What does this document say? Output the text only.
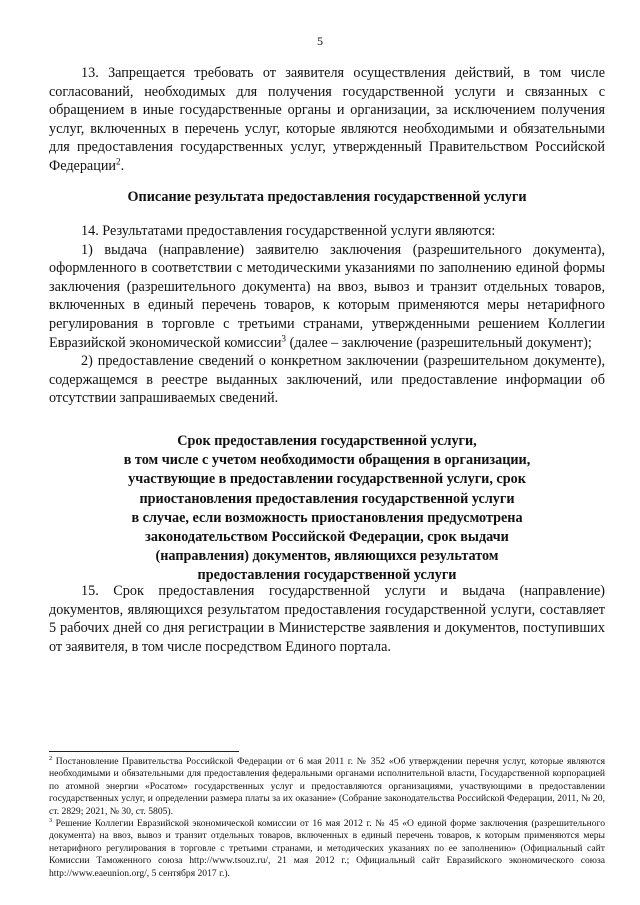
5

13. Запрещается требовать от заявителя осуществления действий, в том числе согласований, необходимых для получения государственной услуги и связанных с обращением в иные государственные органы и организации, за исключением получения услуг, включенных в перечень услуг, которые являются необходимыми и обязательными для предоставления государственных услуг, утвержденный Правительством Российской Федерации$^2$.

Описание результата предоставления государственной услуги

14. Результатами предоставления государственной услуги являются:

1) выдача (направление) заявителю заключения (разрешительного документа), оформленного в соответствии с методическими указаниями по заполнению единой формы заключения (разрешительного документа) на ввоз, вывоз и транзит отдельных товаров, включенных в единый перечень товаров, к которым применяются меры нетарифного регулирования в торговле с третьими странами, утвержденными решением Коллегии Евразийской экономической комиссии$^3$ (далее – заключение (разрешительный документ);

2) предоставление сведений о конкретном заключении (разрешительном документе), содержащемся в реестре выданных заключений, или предоставление информации об отсутствии запрашиваемых сведений.

Срок предоставления государственной услуги,
в том числе с учетом необходимости обращения в организации,
участвующие в предоставлении государственной услуги, срок
приостановления предоставления государственной услуги
в случае, если возможность приостановления предусмотрена
законодательством Российской Федерации, срок выдачи
(направления) документов, являющихся результатом
предоставления государственной услуги

15. Срок предоставления государственной услуги и выдача (направление) документов, являющихся результатом предоставления государственной услуги, составляет 5 рабочих дней со дня регистрации в Министерстве заявления и документов, поступивших от заявителя, в том числе посредством Единого портала.

$^2$ Постановление Правительства Российской Федерации от 6 мая 2011 г. № 352 «Об утверждении перечня услуг, которые являются необходимыми и обязательными для предоставления федеральными органами исполнительной власти, Государственной корпорацией по атомной энергии «Росатом» государственных услуг и предоставляются организациями, участвующими в предоставлении государственных услуг, и определении размера платы за их оказание» (Собрание законодательства Российской Федерации, 2011, № 20, ст. 2829; 2021, № 30, ст. 5805).

$^3$ Решение Коллегии Евразийской экономической комиссии от 16 мая 2012 г. № 45 «О единой форме заключения (разрешительного документа) на ввоз, вывоз и транзит отдельных товаров, включенных в единый перечень товаров, к которым применяются меры нетарифного регулирования в торговле с третьими странами, и методических указаниях по ее заполнению» (Официальный сайт Комиссии Таможенного союза http://www.tsouz.ru/, 21 мая 2012 г.; Официальный сайт Евразийского экономического союза http://www.eaeunion.org/, 5 сентября 2017 г.).
